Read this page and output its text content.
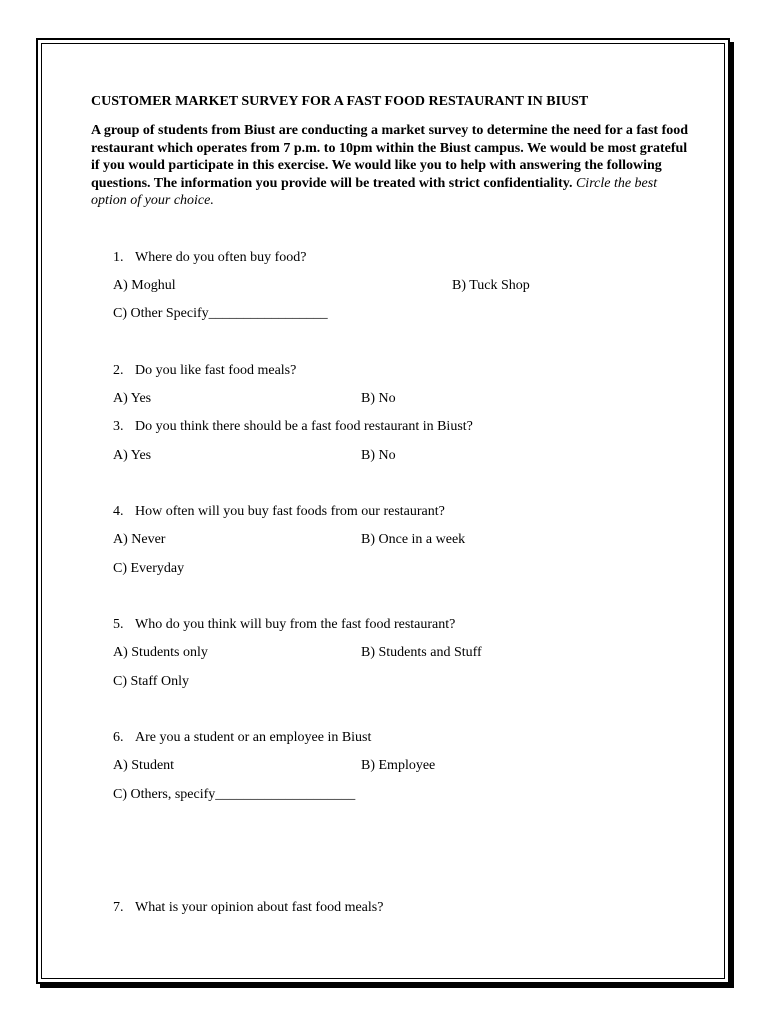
CUSTOMER MARKET SURVEY FOR A FAST FOOD RESTAURANT IN BIUST
A group of students from Biust are conducting a market survey to determine the need for a fast food restaurant which operates from 7 p.m. to 10pm within the Biust campus. We would be most grateful if you would participate in this exercise. We would like you to help with answering the following questions. The information you provide will be treated with strict confidentiality. Circle the best option of your choice.
1. Where do you often buy food?
A) Moghul	B) Tuck Shop
C) Other Specify_________________
2. Do you like fast food meals?
A) Yes	B) No
3. Do you think there should be a fast food restaurant in Biust?
A) Yes	B) No
4. How often will you buy fast foods from our restaurant?
A) Never	B) Once in a week
C) Everyday
5. Who do you think will buy from the fast food restaurant?
A) Students only	B) Students and Stuff
C) Staff Only
6. Are you a student or an employee in Biust
A) Student	B) Employee
C) Others, specify____________________
7. What is your opinion about fast food meals?
